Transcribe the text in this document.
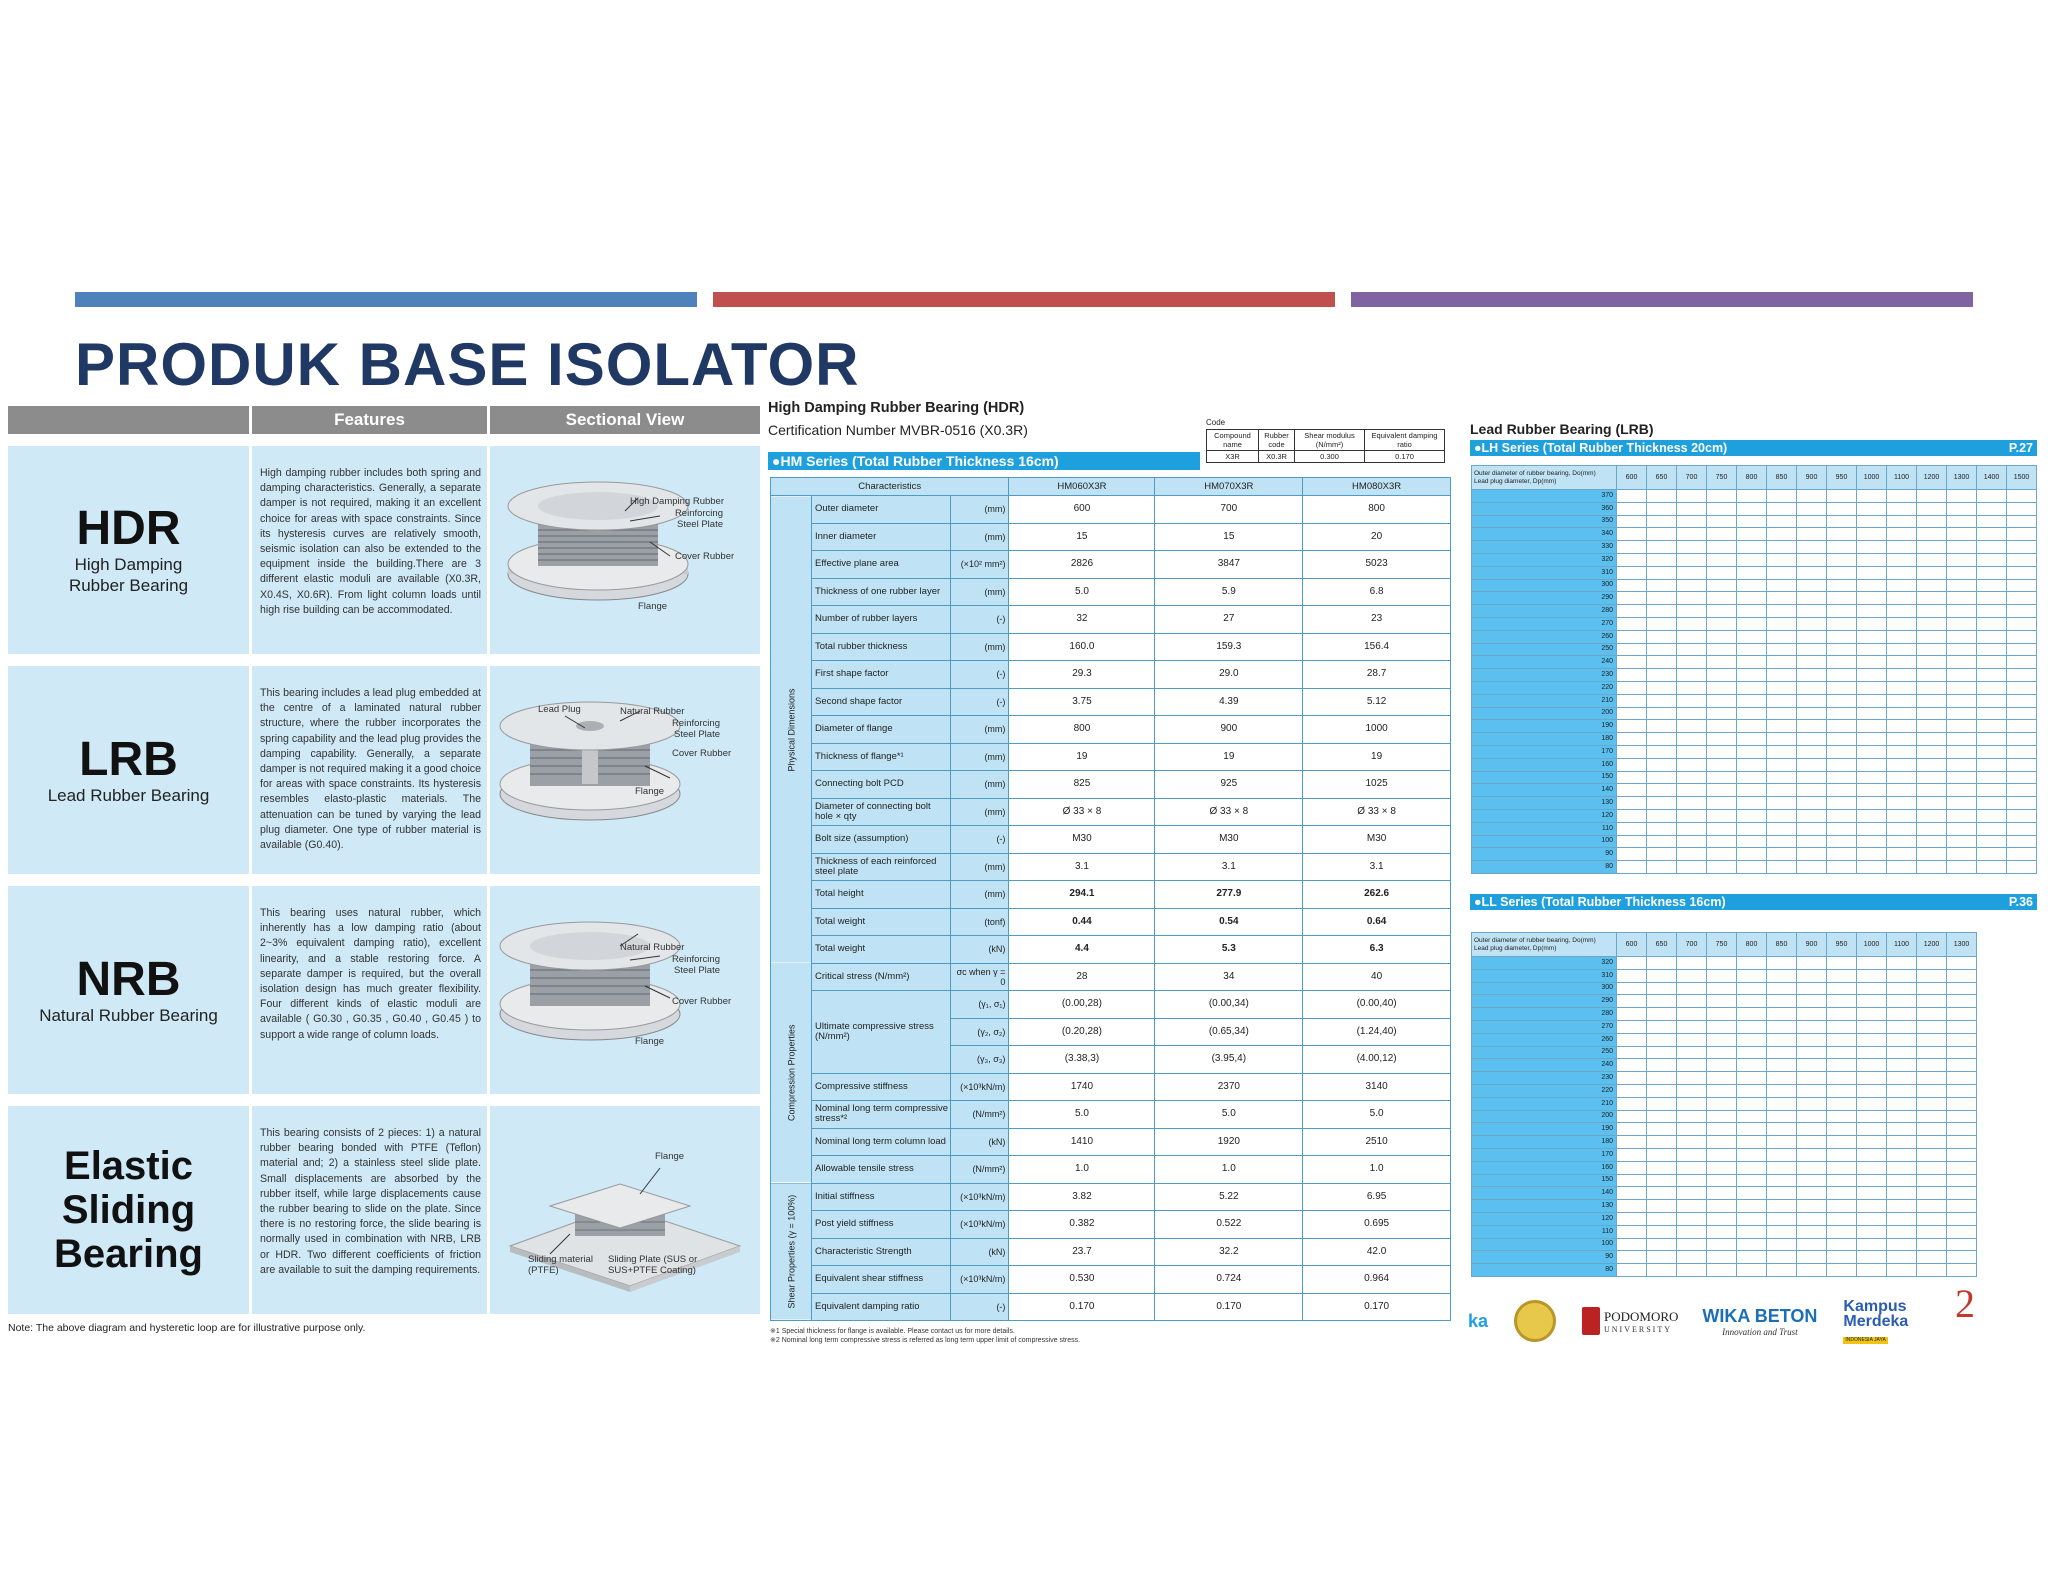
PRODUK BASE ISOLATOR
Features	Sectional View
HDR
High Damping Rubber Bearing
High damping rubber includes both spring and damping characteristics. Generally, a separate damper is not required, making it an excellent choice for areas with space constraints. Since its hysteresis curves are relatively smooth, seismic isolation can also be extended to the equipment inside the building.There are 3 different elastic moduli are available (X0.3R, X0.4S, X0.6R). From light column loads until high rise building can be accommodated.
High Damping Rubber
Reinforcing Steel Plate
Cover Rubber
Flange
LRB
Lead Rubber Bearing
This bearing includes a lead plug embedded at the centre of a laminated natural rubber structure, where the rubber incorporates the spring capability and the lead plug provides the damping capability. Generally, a separate damper is not required making it a good choice for areas with space constraints. Its hysteresis resembles elasto-plastic materials. The attenuation can be tuned by varying the lead plug diameter. One type of rubber material is available (G0.40).
Lead Plug	Natural Rubber
Reinforcing Steel Plate
Cover Rubber
Flange
NRB
Natural Rubber Bearing
This bearing uses natural rubber, which inherently has a low damping ratio (about 2~3% equivalent damping ratio), excellent linearity, and a stable restoring force. A separate damper is required, but the overall isolation design has much greater flexibility. Four different kinds of elastic moduli are available ( G0.30 , G0.35 , G0.40 , G0.45 ) to support a wide range of column loads.
Natural Rubber
Reinforcing Steel Plate
Cover Rubber
Flange
Elastic Sliding Bearing
This bearing consists of 2 pieces: 1) a natural rubber bearing bonded with PTFE (Teflon) material and; 2) a stainless steel slide plate. Small displacements are absorbed by the rubber itself, while large displacements cause the rubber bearing to slide on the plate. Since there is no restoring force, the slide bearing is normally used in combination with NRB, LRB or HDR. Two different coefficients of friction are available to suit the damping requirements.
Flange
Sliding material (PTFE)
Sliding Plate (SUS or SUS+PTFE Coating)
Note: The above diagram and hysteretic loop are for illustrative purpose only.
High Damping Rubber Bearing (HDR)
Certification Number MVBR-0516 (X0.3R)	Code
Compound name	Rubber code	Shear modulus (N/mm²)	Equivalent damping ratio
X3R	X0.3R	0.300	0.170
●HM Series (Total Rubber Thickness 16cm)
Characteristics			HM060X3R	HM070X3R	HM080X3R
Physical Dimensions	Outer diameter	(mm)	600	700	800
	Inner diameter	(mm)	15	15	20
	Effective plane area	(×10² mm²)	2826	3847	5023
	Thickness of one rubber layer	(mm)	5.0	5.9	6.8
	Number of rubber layers	(-)	32	27	23
	Total rubber thickness	(mm)	160.0	159.3	156.4
	First shape factor	(-)	29.3	29.0	28.7
	Second shape factor	(-)	3.75	4.39	5.12
	Diameter of flange	(mm)	800	900	1000
	Thickness of flange*¹	(mm)	19	19	19
	Connecting bolt PCD	(mm)	825	925	1025
	Diameter of connecting bolt hole × qty	(mm)	Ø 33 × 8	Ø 33 × 8	Ø 33 × 8
	Bolt size (assumption)	(-)	M30	M30	M30
	Thickness of each reinforced steel plate	(mm)	3.1	3.1	3.1
	Total height	(mm)	294.1	277.9	262.6
	Total weight	(tonf)	0.44	0.54	0.64
	Total weight	(kN)	4.4	5.3	6.3
Compression Properties	Critical stress (N/mm²)	σc when γ = 0	28	34	40
	Ultimate compressive stress (N/mm²)	(γ₁, σ₁)	(0.00,28)	(0.00,34)	(0.00,40)
		(γ₂, σ₂)	(0.20,28)	(0.65,34)	(1.24,40)
		(γ₃, σ₃)	(3.38,3)	(3.95,4)	(4.00,12)
	Compressive stiffness	(×10³kN/m)	1740	2370	3140
	Nominal long term compressive stress*²	(N/mm²)	5.0	5.0	5.0
	Nominal long term column load	(kN)	1410	1920	2510
	Allowable tensile stress	(N/mm²)	1.0	1.0	1.0
Shear Properties (γ = 100%)	Initial stiffness	(×10³kN/m)	3.82	5.22	6.95
	Post yield stiffness	(×10³kN/m)	0.382	0.522	0.695
	Characteristic Strength	(kN)	23.7	32.2	42.0
	Equivalent shear stiffness	(×10³kN/m)	0.530	0.724	0.964
	Equivalent damping ratio	(-)	0.170	0.170	0.170
※1 Special thickness for flange is available. Please contact us for more details.
※2 Nominal long term compressive stress is referred as long term upper limit of compressive stress.
Lead Rubber Bearing (LRB)
●LH Series (Total Rubber Thickness 20cm)	P.27
Outer diameter of rubber bearing, Do(mm)
Lead plug diameter, Dp(mm)	600	650	700	750	800	850	900	950	1000	1100	1200	1300	1400	1500
370														
360														
350														
340														
330														
320														
310														
300														
290														
280														
270														
260														
250														
240														
230														
220														
210														
200														
190														
180														
170														
160														
150														
140														
130														
120														
110														
100														
90														
80														
●LL Series (Total Rubber Thickness 16cm)	P.36
Outer diameter of rubber bearing, Do(mm)
Lead plug diameter, Dp(mm)	600	650	700	750	800	850	900	950	1000	1100	1200	1300
320												
310												
300												
290												
280												
270												
260												
250												
240												
230												
220												
210												
200												
190												
180												
170												
160												
150												
140												
130												
120												
110												
100												
90												
80												
ka	PODOMORO
UNIVERSITY
WIKA BETON
Innovation and Trust
Kampus
Merdeka
INDONESIA JAYA
2
